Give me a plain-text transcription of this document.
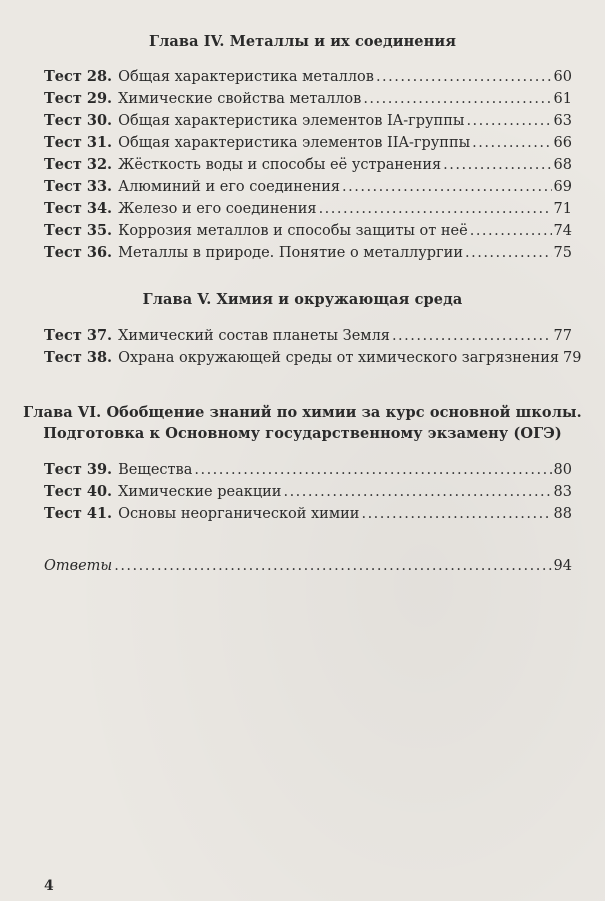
Глава IV. Металлы и их соединения
Тест 28. Общая характеристика металлов .....	60
Тест 29. Химические свойства металлов .....	61
Тест 30. Общая характеристика элементов IA-группы .....	63
Тест 31. Общая характеристика элементов IIA-группы .....	66
Тест 32. Жёсткость воды и способы её устранения .....	68
Тест 33. Алюминий и его соединения .....	69
Тест 34. Железо и его соединения .....	71
Тест 35. Коррозия металлов и способы защиты от неё .....	74
Тест 36. Металлы в природе. Понятие о металлургии .....	75
Глава V. Химия и окружающая среда
Тест 37. Химический состав планеты Земля .....	77
Тест 38. Охрана окружающей среды от химического загрязнения 79
Глава VI. Обобщение знаний по химии за курс основной школы.
Подготовка к Основному государственному экзамену (ОГЭ)
Тест 39. Вещества .....	80
Тест 40. Химические реакции .....	83
Тест 41. Основы неорганической химии .....	88
Ответы .....	94
4
